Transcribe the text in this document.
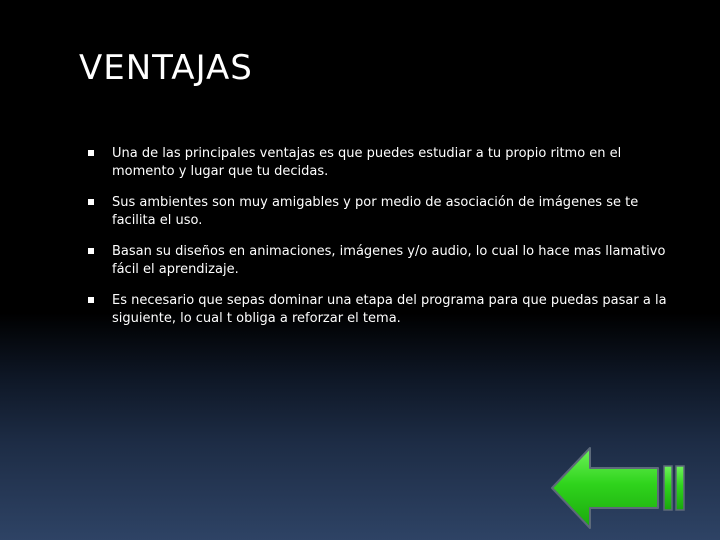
VENTAJAS
Una de las principales ventajas es que puedes estudiar a tu propio ritmo en el momento y lugar que tu decidas.
Sus ambientes son muy amigables y por medio de asociación de imágenes se te facilita el uso.
Basan su diseños en animaciones, imágenes y/o audio, lo cual lo hace mas llamativo fácil el aprendizaje.
Es necesario que sepas dominar una etapa del programa para que puedas pasar a la siguiente, lo cual t obliga a reforzar el tema.
